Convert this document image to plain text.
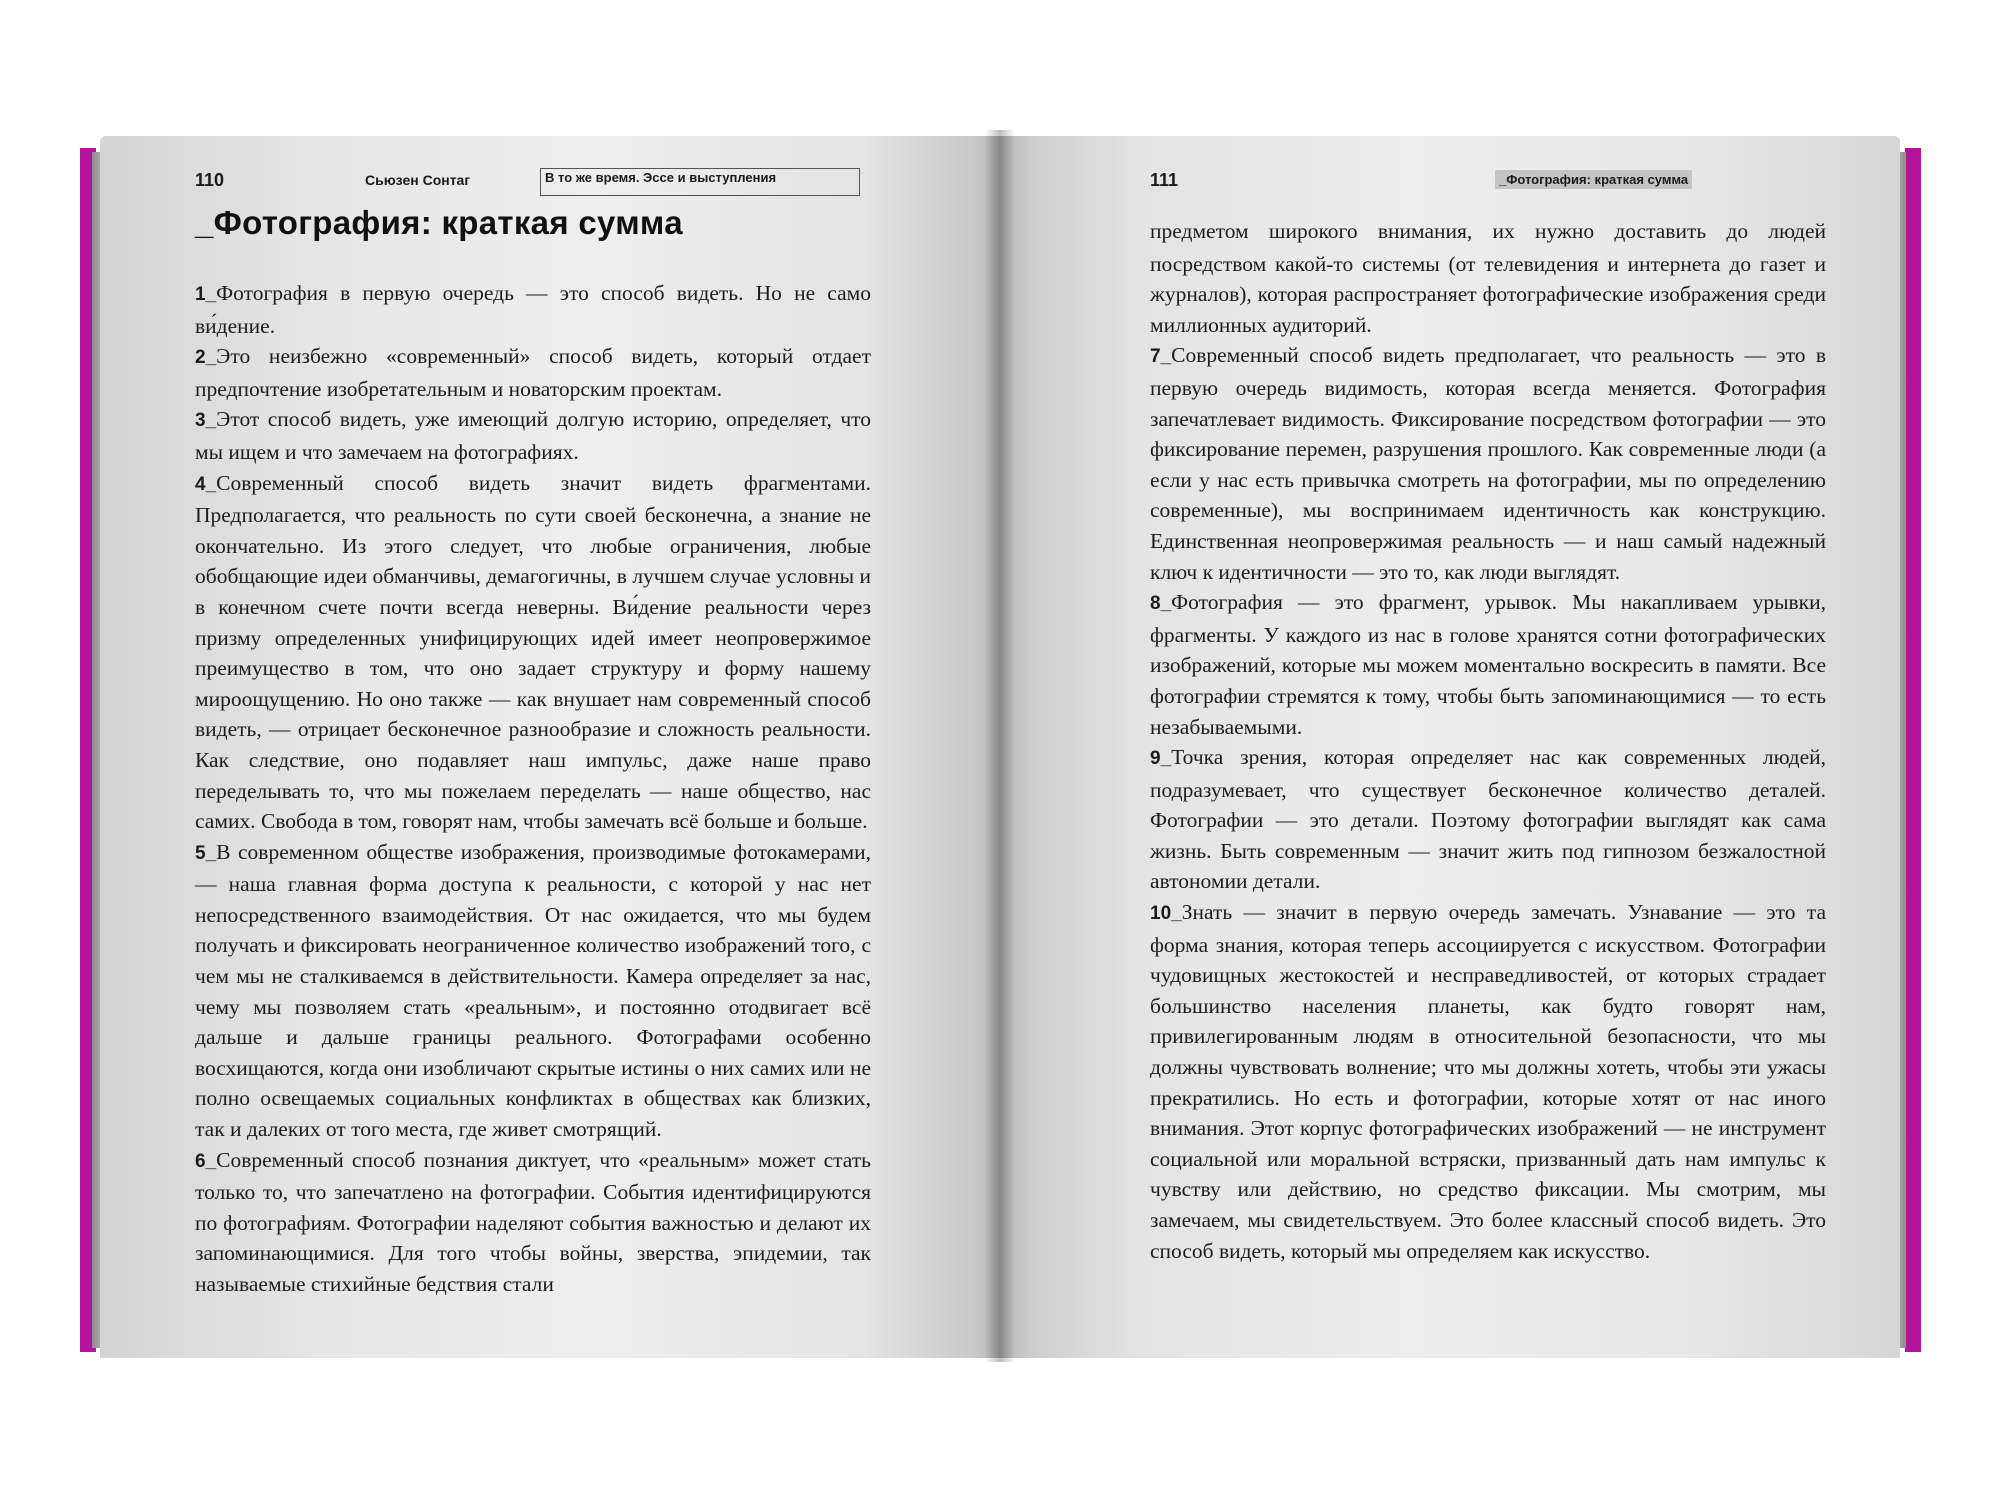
110	Сьюзен Сонтаг	В то же время. Эссе и выступления
_Фотография: краткая сумма

1_Фотография в первую очередь — это способ видеть. Но не само ви́дение.

2_Это неизбежно «современный» способ видеть, который отдает предпочтение изобретательным и новаторским проектам.

3_Этот способ видеть, уже имеющий долгую историю, определяет, что мы ищем и что замечаем на фотографиях.

4_Современный способ видеть значит видеть фрагментами. Предполагается, что реальность по сути своей бесконечна, а знание не окончательно. Из этого следует, что любые ограничения, любые обобщающие идеи обманчивы, демагогичны, в лучшем случае условны и в конечном счете почти всегда неверны. Ви́дение реальности через призму определенных унифицирующих идей имеет неопровержимое преимущество в том, что оно задает структуру и форму нашему мироощущению. Но оно также — как внушает нам современный способ видеть, — отрицает бесконечное разнообразие и сложность реальности. Как следствие, оно подавляет наш импульс, даже наше право переделывать то, что мы пожелаем переделать — наше общество, нас самих. Свобода в том, говорят нам, чтобы замечать всё больше и больше.

5_В современном обществе изображения, производимые фотокамерами, — наша главная форма доступа к реальности, с которой у нас нет непосредственного взаимодействия. От нас ожидается, что мы будем получать и фиксировать неограниченное количество изображений того, с чем мы не сталкиваемся в действительности. Камера определяет за нас, чему мы позволяем стать «реальным», и постоянно отодвигает всё дальше и дальше границы реального. Фотографами особенно восхищаются, когда они изобличают скрытые истины о них самих или не полно освещаемых социальных конфликтах в обществах как близких, так и далеких от того места, где живет смотрящий.

6_Современный способ познания диктует, что «реальным» может стать только то, что запечатлено на фотографии. События идентифицируются по фотографиям. Фотографии наделяют события важностью и делают их запоминающимися. Для того чтобы войны, зверства, эпидемии, так называемые стихийные бедствия стали

111	_Фотография: краткая сумма

предметом широкого внимания, их нужно доставить до людей посредством какой-то системы (от телевидения и интернета до газет и журналов), которая распространяет фотографические изображения среди миллионных аудиторий.

7_Современный способ видеть предполагает, что реальность — это в первую очередь видимость, которая всегда меняется. Фотография запечатлевает видимость. Фиксирование посредством фотографии — это фиксирование перемен, разрушения прошлого. Как современные люди (а если у нас есть привычка смотреть на фотографии, мы по определению современные), мы воспринимаем идентичность как конструкцию. Единственная неопровержимая реальность — и наш самый надежный ключ к идентичности — это то, как люди выглядят.

8_Фотография — это фрагмент, урывок. Мы накапливаем урывки, фрагменты. У каждого из нас в голове хранятся сотни фотографических изображений, которые мы можем моментально воскресить в памяти. Все фотографии стремятся к тому, чтобы быть запоминающимися — то есть незабываемыми.

9_Точка зрения, которая определяет нас как современных людей, подразумевает, что существует бесконечное количество деталей. Фотографии — это детали. Поэтому фотографии выглядят как сама жизнь. Быть современным — значит жить под гипнозом безжалостной автономии детали.

10_Знать — значит в первую очередь замечать. Узнавание — это та форма знания, которая теперь ассоциируется с искусством. Фотографии чудовищных жестокостей и несправедливостей, от которых страдает большинство населения планеты, как будто говорят нам, привилегированным людям в относительной безопасности, что мы должны чувствовать волнение; что мы должны хотеть, чтобы эти ужасы прекратились. Но есть и фотографии, которые хотят от нас иного внимания. Этот корпус фотографических изображений — не инструмент социальной или моральной встряски, призванный дать нам импульс к чувству или действию, но средство фиксации. Мы смотрим, мы замечаем, мы свидетельствуем. Это более классный способ видеть. Это способ видеть, который мы определяем как искусство.
